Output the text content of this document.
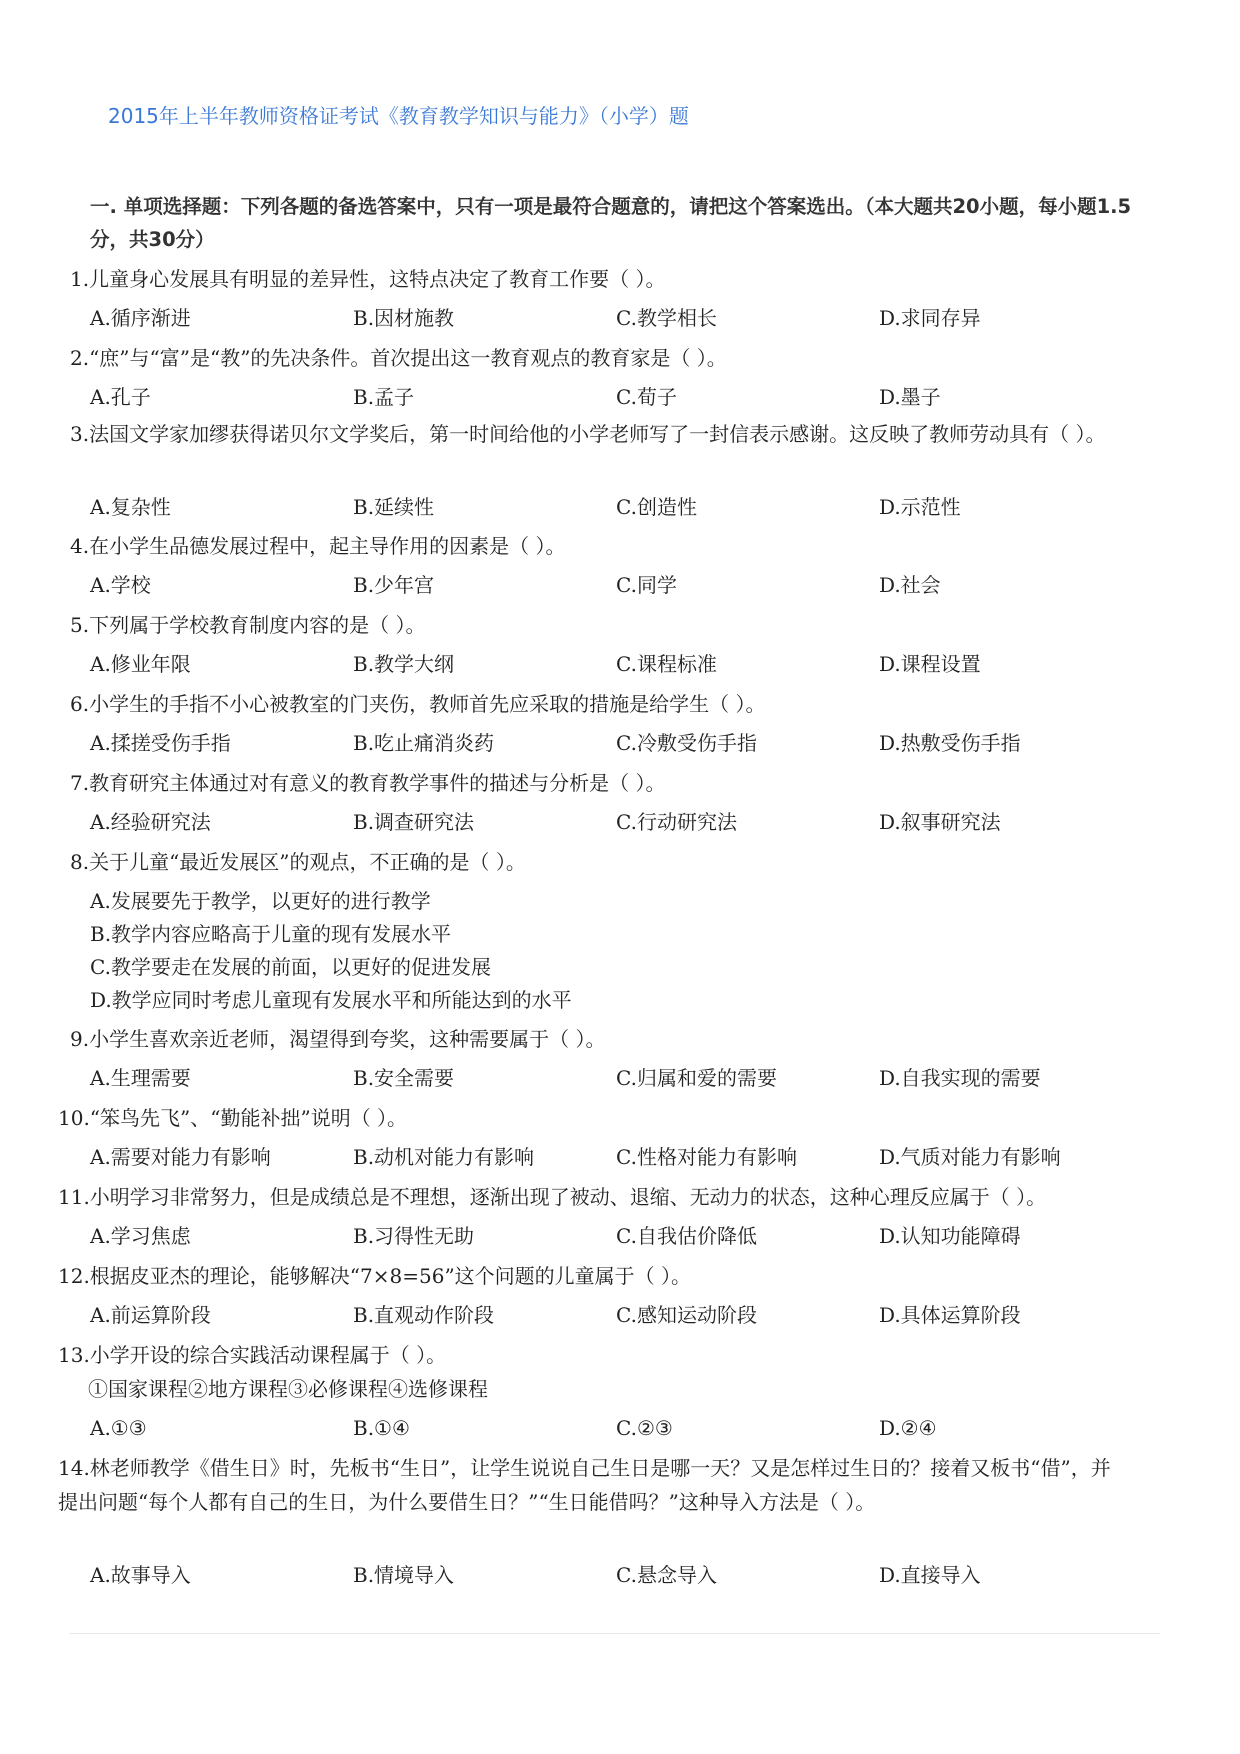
2015年上半年教师资格证考试《教育教学知识与能力》（小学）题
一. 单项选择题：下列各题的备选答案中，只有一项是最符合题意的，请把这个答案选出。（本大题共20小题，每小题1.5分，共30分）
1.儿童身心发展具有明显的差异性，这特点决定了教育工作要（ ）。
A.循序渐进	B.因材施教	C.教学相长	D.求同存异
2.“庶”与“富”是“教”的先决条件。首次提出这一教育观点的教育家是（ ）。
A.孔子	B.孟子	C.荀子	D.墨子
3.法国文学家加缪获得诺贝尔文学奖后，第一时间给他的小学老师写了一封信表示感谢。这反映了教师劳动具有（ ）。
A.复杂性	B.延续性	C.创造性	D.示范性
4.在小学生品德发展过程中，起主导作用的因素是（ ）。
A.学校	B.少年宫	C.同学	D.社会
5.下列属于学校教育制度内容的是（ ）。
A.修业年限	B.教学大纲	C.课程标准	D.课程设置
6.小学生的手指不小心被教室的门夹伤，教师首先应采取的措施是给学生（ ）。
A.揉搓受伤手指	B.吃止痛消炎药	C.冷敷受伤手指	D.热敷受伤手指
7.教育研究主体通过对有意义的教育教学事件的描述与分析是（ ）。
A.经验研究法	B.调查研究法	C.行动研究法	D.叙事研究法
8.关于儿童“最近发展区”的观点，不正确的是（ ）。
A.发展要先于教学，以更好的进行教学
B.教学内容应略高于儿童的现有发展水平
C.教学要走在发展的前面，以更好的促进发展
D.教学应同时考虑儿童现有发展水平和所能达到的水平
9.小学生喜欢亲近老师，渴望得到夸奖，这种需要属于（ ）。
A.生理需要	B.安全需要	C.归属和爱的需要	D.自我实现的需要
10.“笨鸟先飞”、“勤能补拙”说明（ ）。
A.需要对能力有影响	B.动机对能力有影响	C.性格对能力有影响	D.气质对能力有影响
11.小明学习非常努力，但是成绩总是不理想，逐渐出现了被动、退缩、无动力的状态，这种心理反应属于（ ）。
A.学习焦虑	B.习得性无助	C.自我估价降低	D.认知功能障碍
12.根据皮亚杰的理论，能够解决“7×8=56”这个问题的儿童属于（ ）。
A.前运算阶段	B.直观动作阶段	C.感知运动阶段	D.具体运算阶段
13.小学开设的综合实践活动课程属于（ ）。
①国家课程②地方课程③必修课程④选修课程
A.①③	B.①④	C.②③	D.②④
14.林老师教学《借生日》时，先板书“生日”，让学生说说自己生日是哪一天？又是怎样过生日的？接着又板书“借”，并提出问题“每个人都有自己的生日，为什么要借生日？”“生日能借吗？”这种导入方法是（ ）。
A.故事导入	B.情境导入	C.悬念导入	D.直接导入
